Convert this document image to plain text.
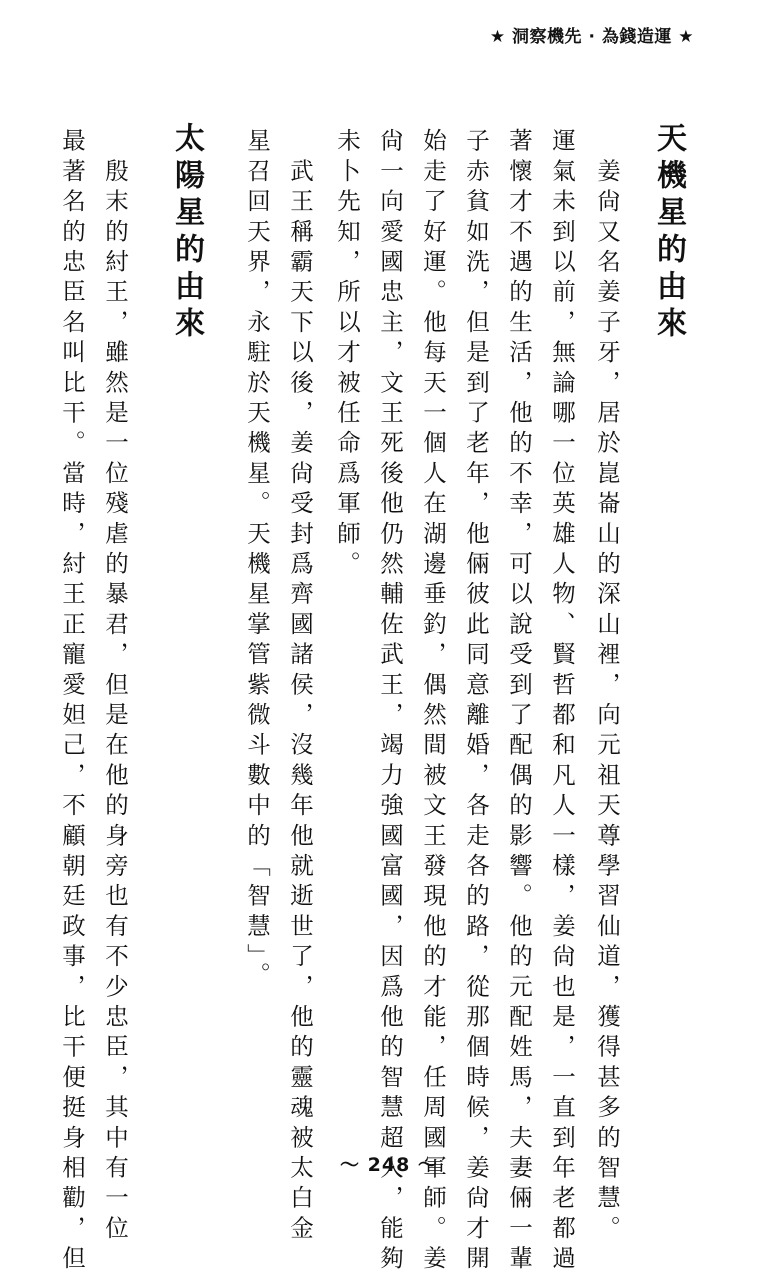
★ 洞察機先 · 為錢造運 ★
天機星的由來
　姜尙又名姜子牙，居於崑崙山的深山裡，向元祖天尊學習仙道，獲得甚多的智慧。
運氣未到以前，無論哪一位英雄人物、賢哲都和凡人一樣，姜尙也是，一直到年老都過
著懷才不遇的生活，他的不幸，可以說受到了配偶的影響。他的元配姓馬，夫妻倆一輩
子赤貧如洗，但是到了老年，他倆彼此同意離婚，各走各的路，從那個時候，姜尙才開
始走了好運。他每天一個人在湖邊垂釣，偶然間被文王發現他的才能，任周國軍師。姜
尙一向愛國忠主，文王死後他仍然輔佐武王，竭力強國富國，因爲他的智慧超人，能夠
未卜先知，所以才被任命爲軍師。
　武王稱霸天下以後，姜尙受封爲齊國諸侯，沒幾年他就逝世了，他的靈魂被太白金
星召回天界，永駐於天機星。天機星掌管紫微斗數中的「智慧」。
太陽星的由來
　殷末的紂王，雖然是一位殘虐的暴君，但是在他的身旁也有不少忠臣，其中有一位
最著名的忠臣名叫比干。當時，紂王正寵愛妲己，不顧朝廷政事，比干便挺身相勸，但	～ 248 ～
